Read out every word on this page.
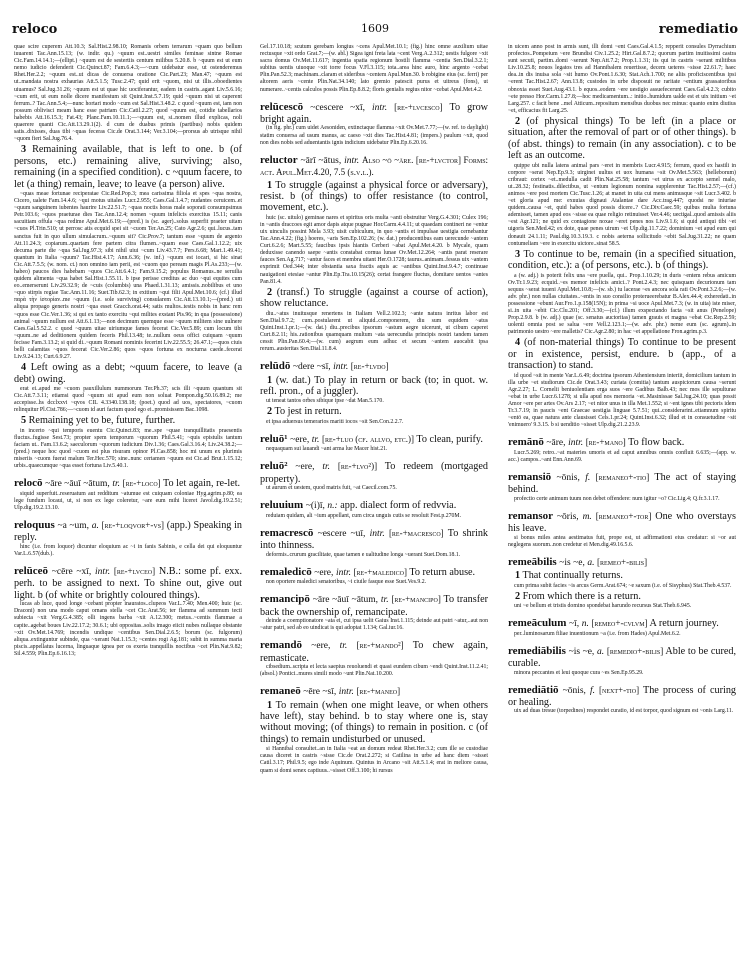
reloco	1609	remediatio

quae scire cuperem Att.10.3; Sal.Hist.2.98.10; Romanis orbem terrarum ~quam quo bellum iuuarent Tac.Ann.15.13; (w. indir. qu.) ~quum est..uestri similes feminae sintne Romae Cic.Fam.14.14.1;—(ellipt.) ~quum est de sestertiis centum milibus 5.20.8. b ~quum est ut eum nemo iudicio defenderit Cic.Quinct.87; Fam.6.4.3;—~cum uidebatur esse, ut ostenderemus Rhet.Her.2.2; ~quum est..ut dicas de conuersa oratione Cic.Part.23; Man.47; ~quum est ut..mandata nostra exhaurias Att.5.1.5; Tusc.2.47; quid erit ~quom, nisi ut illis..oboedientes uiuamus? Sal.Jug.31.26; ~quum est ut quae hic uociferantur, eadem in castris..agant Liv.5.6.16; ~cum erit, ut eum nolle dicere manifestum sit Quint.Inst.5.7.19; quid ~quum nisi ut caperent ferrum..? Tac.Ann.5.4;—nunc hortari modo ~cum est Sal.Hist.3.48.2. c quod ~quum est, iam non possum oblivisci meam hanc esse patriam Cic.Catil.2.27; quod ~quum est, cotidie tabellarios habebis Att.16.15.3; Fat.43; Planc.Fam.10.11.1;—~quum est, si..nomen illud explicas, noli quaerere quanti Cic.Att.13.29.1(2). d cum de duabus primis (partibus) nobis quidem satis..dixisses, duas tibi ~quas feceras Cic.de Orat.3.144; Ver.3.104;—prorsus ab utrisque nihil ~quom fieri Sal.Jug.76.4.

3 Remaining available, that is left to one. b (of persons, etc.) remaining alive, surviving; also, remaining (in a specified condition). c ~quum facere, to let (a thing) remain, leave; to leave (a person) alive.

~quas meae fortunae reciperatae Cic.Red.Pop.3; mea carissima filiola et spes ~qua nostra, Cicero, ualete Fam.14.4.6; ~qui motus uitales Lucr.2.955; Caes.Gal.1.4.7; nudantes ceruicem..et ~quum sanguinem iubentes haurire Liv.22.51.7; ~quas noctis horas male soporati consumpsimus Petr.103.6; ~quos praeturae dies Tac.Ann.12.4; nomen ~quum infelicis exercitus 15.11; canis sacuitiam offula ~qua redime Apul.Met.6.19;—(pred.) is (sc. ager)..solus superfit praeter uitam ~cuos Pl.Trin.510; ut perrosc atis ecquid spei sit ~cuom Ter.An.25; Cato Agr.2.6; qui..lucus..tam sanctus fuit in quo ullum simulacrum..~quum sit? Cic.Prov.7; tantum esse ~quum de argento Att.11.24.3; copiarum..quartam fere partem citra flumen..~quam esse Caes.Gal.1.12.2; uix decuma parte die ~qua Sal.Jug.97.3; sibi nihil uiui ~cum Liv.43.7.7; Pers.6.68; Mart.1.49.41; quantum in Italia ~quum? Tac.Hist.4.17; Ann.6.36; (w. inf.) ~quum est iocari, si hic sinat Cic.Att.7.5.5; (w. nom. ct.) non omnino iam perii, est ~cuom quo peream magis Pl.As.233;—(w. habeo) paucos dies habebam ~quos Cic.Att.6.4.1; Fam.9.15.2; populus Romanus..ne seruilia quidem alimenta ~qua habet Sal.Hist.1.55.11. b ipse perisse creditus ac duo ~qui equites cum eo..emerserunt Liv.29.32.9; de ~cuis (columbis) una Phaed.1.31.13; amissis..nobilibus et uno ~quo stirpis regiae Tac.Ann.11.16; Suet.Tib.62.3; in exitium ~qui filii Apul.Met.10.6; (cf.) illud παρὰ τὴν ἱστορίαν..me ~quum (i.e. sole surviving) consularem Cic.Att.13.10.1;—(pred.) uti aliqua propago generis nostri ~qua esset Gracch.orat.44; satis multos..testis nobis in hanc rem ~quos esse Cic.Ver.1.36; si qui ex tanto exercitu ~qui milites exstant Pis.96; in qua (possessione) animal ~quum nullum est Att.6.1.13;—non decimum quemque esse ~quum militem sine uulnere Caes.Gal.5.52.2. c quod ~quum uitae uiriumque fames fecerat Cic.Ver.5.89; cum locum tibi ~quum..ne ad deditionem quidem feceris Phil.13.48; te..nullum oeus offici cuiquam ~quum fecisse Fam.3.13.2; si quid di..~quum Romani nominis fecerint Liv.22.55.5; 26.47.1;—quos ciuis belli calamitas ~quos fecerat Cic.Ver.2.86; quos ~quos fortuna ex nocturna caede..fecerat Liv.9.24.13; Curt.6.9.27.

4 Left owing as a debt; ~quum facere, to leave (a debt) owing.

erat ei..apud me ~cuom pauxillulum nummorum Ter.Ph.37; scis illi ~quum quantum sit Cic.Att.7.3.11; etiamsi quod ~quum sit apud eum non soluat Pompon.dig.50.16.89.2; me accepisse..hs dcclxxvi ~qvos CIL 4.3340.138.18; (poet.) quod ad uos, spectatores, ~cuom relinquitur Pl.Cist.786;—~cuom id auri factum quod ego ei..promisissem Bac.1098.

5 Remaining yet to be, future, further.

in incerto ~qui temporis euentu Cic.Quinct.83; me..spe ~quae tranquillitatis praesentis fluctus..fugisse Sest.73; propter spem temporum ~quorum Phil.5.41; ~quis epistulis tantum faciam ut.. Fam.13.6.2; saeculorum ~quorum iudicium Div.1.36; Caes.Gal.3.16.4; Liv.24.38.2;—(pred.) neque hoc quod ~cuom est plus risuram opinor Pl.Cas.858; hoc mi unum ex plurimis miseriis ~cuom fuerat malum Ter.Hec.570; sine..nunc certamen ~quum est Cic.ad Brut.1.15.12; urbis..quaecumque ~qua esset fortuna Liv.5.40.1.

relocō ~āre ~āuī ~ātum, tr. [re-+loco] To let again, re-let.

siquid superfuit..reseruatum aut redditum ~atumue est cuiquam coloniae Hyg.agrim.p.80; ea lege fundum locaui, ut, si non ex lege coleretur, ~are eum mihi liceret Javol.dig.19.2.51; Ulp.dig.19.2.13.10.

reloquus ~a ~um, a. [re-+loqvor+-vs] (app.) Speaking in reply.

hinc (i.e. from loquor) dicuntur eloquium ac ~i in fanis Sabinis, e cella dei qui eloquuntur Var.L.6.57(dub.).

relūceō ~cēre ~xī, intr. [re-+lvceo] N.B.: some pf. exx. perh. to be assigned to next. To shine out, give out light. b (of white or brightly coloured things).

lucas ab luce, quod longe ~cebant propter inauratos..clupeos Var.L.7.40; Men.400; huic (sc. Draconi) non una modo caput ornans stella ~cet Cic.Arat.56; ter flamma ad summum tecti subiecta ~xit Verg.G.4.385; olli ingens barba ~xit A.12.300; metus..~centis flammae a capite..agebat boues Liv.22.17.2; 30.6.1; ubi oppositas..solis imago eiicit nubes nullaque obstante ~xit Ov.Met.14.769; incendis undique ~centibus Sen.Dial.2.6.5; borum (sc. fulgorum) aliqua..extinguntur subinde, qua ~xerant Nat.1.15.3; ~centes rogi Ag.181; subit in summa maria piscis..appellatus lucerna, linguaque ignea per os exerta tranquillis noctibus ~cet Plin.Nat.9.82; Sil.4.559; Plin.Ep.6.16.13;

Gel.17.10.18; scutum gerebam longius ~cens Apul.Met.10.1; (fig.) hinc omne auxilium uitae rectusque ~xit ordo Grat.7;—(w. abl.) Sigea igni freta lata ~cent Verg.A.2.312; uestis fulgore ~xit sacra domus Ov.Met.11.617; ingentia spatia regionum hostili flamma ~centia Sen.Dial.3.2.1; subitus uentis uiuoque ~xit torre focus V.Fl.3.115; tota..area hinc auro, hinc argento ~cebat Plin.Pan.52.3; machinam..claram et sideribus ~centem Apul.Mun.30. b robigine eius (sc. ferri) per altorem aeris ~cente Plin.Nat.34.140; lato gremio patescit purus et uitreus (fons), ut numerare..~centis calculos possis Plin.Ep.8.8.2; floris genialis regius nitor ~cebat Apul.Met.4.2.

relūcescō ~cescere ~xī, intr. [re-+lvcesco] To grow bright again.

(in fig. phr.) cum uidet Aesoniden, extinctaque flamma ~xit Ov.Met.7.77;—(w. ref. to daylight) statim conuersa ad usum manus, ac caeso ~xit dies Tac.Hist.4.81; (impers.) paulum ~xit, quod non dies nobis sed aduentantis ignis indicium uidebatur Plin.Ep.6.20.16.

reluctor ~ārī ~ātus, intr. Also ~ō ~āre. [re-+lvctor] Forms: act. Apul.Met.4.20, 7.5 (s.v.l.).

1 To struggle (against a physical force or adversary), resist. b (of things) to offer resistance (to control, movement, etc.).

huic (sc. uitulo) geminae nares et spiritus oris multa ~anti obstruitur Verg.G.4.301; Culex 196; in ~antis draccoes egit amor dapis atque pugnae Hor.Carm.4.4.11; ut quaedam contineri ne ~entur uix uinculis possint Mela 3.93; uisit cubiculum, in quo ~antis et impulsae uestigia cernebantur Tac.Ann.4.22; (fig.) hoeres, ~aris Sen.Ep.102.26; (w. dat.) producentibus eam uerecunde ~antem Curt.6.2.6; Mart.5.55; faucibus ipsis hiantis Cerberi ~abat Apul.Met.4.20. b Mycale, quam deduxisse canendo saepe ~antis constabat cornua lunae Ov.Met.12.264; ~antis parat reserare fauces Sen.Ag.717; ~antur faces et membra uitant Her.O.1728; taurus..animam..fessus uix ~antem exprimit Oed.344; inter obstantia saxa fractis aquis ac ~antibus Quint.Inst.9.4.7; continuae nauigationi etesiae ~antur Plin.Ep.Tra.10.15(26); certat frangere fluctus, domitare uentos ~antes Pan.81.4.

2 (transf.) To struggle (against a course of action), show reluctance.

diu..~atus inuitusque renertens in Italiam Vell.2.102.3; ~ante natura inritus labor est Sen.Dial.9.7.2; cum..postularent ut aliquid..componerem, diu sum equidem ~atus Quint.Inst.1.pr.1;—(w. dat.) diu..precibus ipsorum ~astum aegre uicerunt, ut cibum caperet Curt.8.2.11; his..rationibus quamquam multum ~ata uerecundia principis nostri tandem tamen cessit Plin.Pan.60.4;—(w. cum) aegrum eum adhuc et secum ~antem auocabit ipsa rerum..austeritas Sen.Dial.11.8.4.

relūdō ~dere ~sī, intr. [re-+lvdo]

1 (w. dat.) To play in return or back (to; in quot. w. refl. pron., of a juggler).

ut teneat tantos orbes sibique ipse ~dat Man.5.170.

2 To jest in return.

et ipsa aduersus temerarios mariti iocos ~sit Sen.Con.2.2.7.

reluō¹ ~ere, tr. [re-+luo (cf. allvo, etc.)] To clean, purify.

nequaquam sui lauandi ~ant arma lue Macer hist.21.

reluō² ~ere, tr. [re-+lvo²)] To redeem (mortgaged property).

ut aurum et uestem, quod matris fuit, ~at Caecil.com.75.

reluuium ~(i)ī, n.: app. dialect form of redvvia.

reduiam quidam, ali ~ium appellant, cum circa unguis cutis se resoluit Fest.p.270M.

remacrescō ~escere ~uī, intr. [re-+macresco] To shrink into thinness.

deformis..crurum gracilitate, quae tamen e ualitudine longa ~uerant Suet.Dom.18.1.

remaledicō ~ere, intr. [re-+maledico] To return abuse.

non oportere maledici senatoribus, ~i ciuile fasque esse Suet.Ves.9.2.

remancipō ~āre ~āuī ~ātum, tr. [re-+mancipo] To transfer back the ownership of, remancipate.

deinde a coemptionatore ~ata ei, cui ipsa uelit Gaius Inst.1.115; deinde aut patri ~atur,..aut non ~atur patri, sed ab eo uindicat is qui adoptat 1.134; Gal.iur.16.

remandō ~ere, tr. [re-+mando²] To chew again, remasticate.

cibsedium..scripta et lecta saepius reuoluendi et quasi eundem cibum ~endi Quint.Inst.11.2.41; (absol.) Pontici..mures simili modo ~unt Plin.Nat.10.200.

remaneō ~ēre ~sī, intr. [re-+maneo]

1 To remain (when one might leave, or when others have left), stay behind. b to stay where one is, stay without moving; (of things) to remain in position. c (of things) to remain undisturbed or unused.

si Hannibal consultet..an in Italia ~eat an domum redeat Rhet.Her.3.2; cum ille se custodiae causa diceret in castris ~sisse Cic.de Orat.2.272; si Catilina in urbe ad hanc diem ~sisset Catil.3.17; Phil.9.5; ego inde Aquinum. Quintus in Arcano ~sit Att.5.1.4; erat in meliore causa, quam si domi senex captiuus..~sisset Off.3.100; hi rursus

in uicem anno post in armis sunt, illi domi ~ent Caes.Gal.4.1.5; repperit consules Dyrrachium profectos..Pompeium ~ere Brundisi Civ.1.25.2; Hirt.Gal.8.7.2; quorum partim inuitissimi castra sunt secuti, partim..domi ~serunt Nep.Att.7.2; Prop.1.1.31; iis qui in castris ~serant militibus Liv.10.25.8; nouos legatos tres ad Hannibalem reuertisse, decem ueteres ~sisse 22.61.7; haec dea..in dis inuisa sola ~sit humo Ov.Pont.1.6.30; Stat.Ach.1.700; ne aliis proficiscentibus ipsi ~erent Tac.Hist.2.67; Ann.13.8; custodes in urbe disposuit ne raritate ~entium grassatoribus obnoxia esset Suet.Aug.43.1. b equos..eodem ~ere uestigio assuefecerunt Caes.Gal.4.2.3; cubito ~ete presso Hor.Carm.1.27.8;—hoc medicamentum..: initio..humidum ualde est et uix initium ~et Larg.257. c facit bene ..mel Atticum..repositum mensibus duobus nec minus: quanto enim diutius ~et, efficacius fit Larg.25.

2 (of physical things) To be left (in a place or situation, after the removal of part or of other things). b (of abst. things) to remain (in any association). c to be left as an outcome.

quippe ubi nulla latens animal pars ~eret in membris Lucr.4.915; ferrum, quod ex hastili in corpore ~serat Nep.Ep.9.3; uirginei uultus et uox humana ~sit Ov.Met.5.563; (helleborum) cribraut: cortex ~et..medulla cadit Plin.Nat.25.58; tantum ~et uirus ex accepto semel malo, ut..28.32; festinatis..dilectibus, ut ~entum legionum nomina supplerentur Tac.Hist.2.57;—(cf.) animos ~ere post mortem Cic.Tusc.1.26; at manet in uita cui mens animusque ~sit Lucr.3.402. b ~et gloria apud me: exuuias dignaui Atalantae dare Acc.trag.447; quodsi ne iniuriae quidem..causa ~et, quid habes quod possis dicere..? Cic.Div.Caec.59; quibus multa fortuna ademisset, tamen apud eos ~sisse ea quae religio retinuisset Ver.4.46; uectigal..quod amissis aliis ~est Agr.121; ne quid ex contagione noxae ~eret penes nos Liv.9.1.6; si quid antiqui tibi ~et uigoris Sen.Med.42; ex dote, quae penes uirum ~et Ulp.dig.11.7.22; dominium ~et apud eum qui donauit 24.1.11; Paul.dig.10.3.19.3. c nobis aeterna sollicitudo ~ebit Sal.Jug.31.22; ne quam contumeliam ~ere in exercitu uictore..sinat 58.5.

3 To continue to be, remain (in a specified situation, condition, etc.): a (of persons, etc.). b (of things).

a (w. adj.) is poterit felix una ~ere puella, qui.. Prop.1.10.29; in duris ~entem rebus amicum Ov.Tr.1.9.23; ecquid..~es memor infelicis amici..? Pont.2.4.3; nec quisquam decurionum tam sequus ~serat iuueni Apul.Met.10.8;—(w. sb.) tu lacerae ~es ancora sola rati Ov.Pont.3.2.6;—(w. adv. phr.) non nullas ciuitates..~entis in suo consilio proterueerebatur B.Alex.44.4; exheredati..in possessione ~ebunt Aur.Fro.1.p.158(15N); in prima ~si uoce Apul.Met.7.3; (w. in uita) iste miser, si..in uita ~ebit Cic.Clu.201; Off.3.30;—(cf.) illum exspectando facta ~sit anus (Penelope) Prop.2.9.8. b (w. adj.) quae (sc. senatus auctoritas) tamen grauis et magna ~ebat Cic.Rep.2.59; uolenti omnia post se salua ~ere Vell.2.123.1;—(w. adv. phr.) neme eum (sc. agrum)..in patrimonio uestro ~ere malletis? Cic.Agr.2.80; in hac ~et appellatione Fron.agrim.p.3.

4 (of non-material things) To continue to be present or in existence, persist, endure. b (app., of a transaction) to stand.

id quod ~sit in mente Var.L.6.49; doctrina ipsorum Atheniensium interiit, domicilium tantum in illa urbe ~et studiorum Cic.de Orat.3.43; curiata (comitia) tantum auspiciorum causa ~serunt Agr.2.27; L. Cornelii beniuolentiam erga suos ~ere Gadibus Balb.43; nec mos ille sepulturae ~ebat in urbe Lucr.6.1278; si ulla apud nos memoria ~et..Masinissae Sal.Jug.24.10; quas possit Amor ~ere per artes Ov.Ars 2.17; ~et nitor unus in illa Met.1.552; si ~ent ignes tibi pectoris idem Tr.3.7.19; in paucis ~ent Graecae uestigia linguae 5.7.51; qui..considerarint..etiamnum spiritu ~entō ea, quae natura ante clausisset Cels.1.pr.24; Quint.Inst.6.32; illud et in consuetudine ~sit 'enimuero' 9.3.15. b si uenditio ~sisset Ulp.dig.21.2.23.9.

remānō ~āre, intr. [re-+mano] To flow back.

Lucr.5.269; retro..~at materies umoris et ad caput amnibus omnis confluit 6.635;—(app. w. acc.) campos..~ant Enn.Ann.69.

remansiō ~ōnis, f. [remaneo+-tio] The act of staying behind.

profectio certe animum tuum non debet offendere: num igitur ~o? Cic.Lig.4; Q.fr.3.1.17.

remansor ~ōris, m. [remaneo+-tor] One who overstays his leave.

si bonus miles antea aestimatus fuit, prope est, ut adfirmationi eius credatur: si ~or aut neglegens suorum..non credetur ei Men.dig.49.16.5.6.

remeābilis ~is ~e, a. [remeo+-bilis]

1 That continually returns.

cum prima subit facies ~is arcus Germ.Arat.674; ~e saxum (i.e. of Sisyphus) Stat.Theb.4.537.

2 From which there is a return.

uni ~e bellum et tristis domino spondebat harundo recursus Stat.Theb.6.945.

remeāculum ~ī, n. [remeo+-cvlvm] A return journey.

per..luminosarum filiae inuentionum ~a (i.e. from Hades) Apul.Met.6.2.

remediābilis ~is ~e, a. [remedio+-bilis] Able to be cured, curable.

minora peccantes et leui quoque cura ~es Sen.Ep.95.29.

remediātiō ~ōnis, f. [next+-tio] The process of curing or healing.

uix ad duas tresue (torpedines) respondet curatio, id est torpor, quod signum est ~onis Larg.11.
